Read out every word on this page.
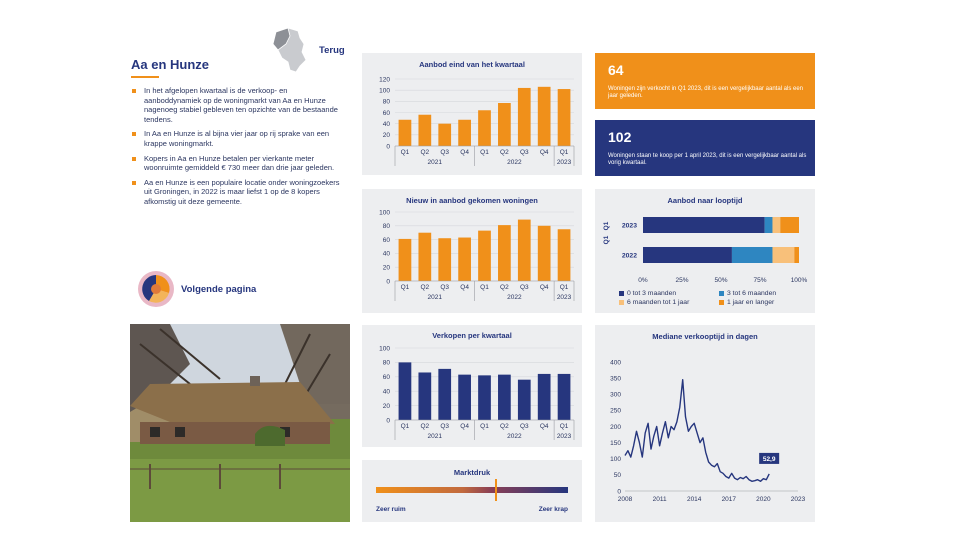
Aa en Hunze
Terug
In het afgelopen kwartaal is de verkoop- en aanboddynamiek op de woningmarkt van Aa en Hunze nagenoeg stabiel gebleven ten opzichte van de bestaande tendens.
In Aa en Hunze is al bijna vier jaar op rij sprake van een krappe woningmarkt.
Kopers in Aa en Hunze betalen per vierkante meter woonruimte gemiddeld € 730 meer dan drie jaar geleden.
Aa en Hunze is een populaire locatie onder woningzoekers uit Groningen, in 2022 is maar liefst 1 op de 8 kopers afkomstig uit deze gemeente.
Volgende pagina
Aanbod eind van het kwartaal
0
20
40
60
80
100
120
Q1 Q2 Q3 Q4 Q1 Q2 Q3 Q4 Q1
2021	2022	2023
Nieuw in aanbod gekomen woningen
0
20
40
60
80
100
Q1 Q2 Q3 Q4 Q1 Q2 Q3 Q4 Q1
2021	2022	2023
Verkopen per kwartaal
0
20
40
60
80
100
Q1 Q2 Q3 Q4 Q1 Q2 Q3 Q4 Q1
2021	2022	2023
Marktdruk
Zeer ruim	Zeer krap
64
Woningen zijn verkocht in Q1 2023, dit is een vergelijkbaar aantal als een jaar geleden.
102
Woningen staan te koop per 1 april 2023, dit is een vergelijkbaar aantal als vorig kwartaal.
Aanbod naar looptijd
Q1
Q1 2023
2022
0%	25%	50%	75%	100%
0 tot 3 maanden	3 tot 6 maanden
6 maanden tot 1 jaar	1 jaar en langer
Mediane verkooptijd in dagen
0
50
100
150
200
250
300
350
400
2008	2011	2014	2017	2020	2023
52,9
